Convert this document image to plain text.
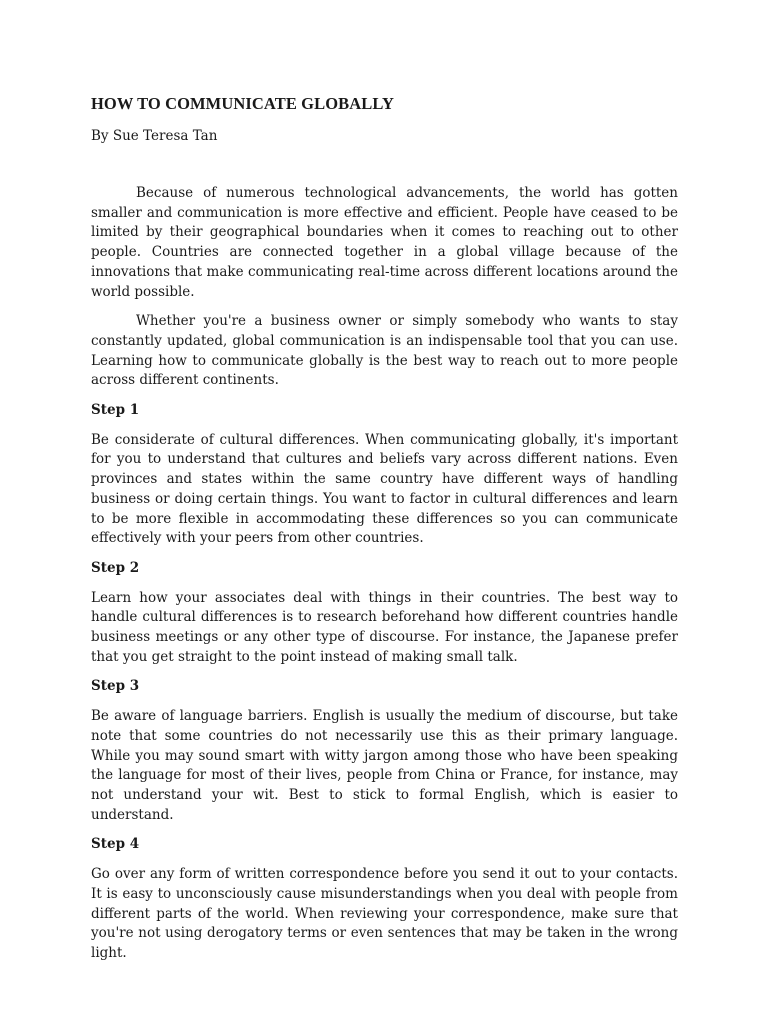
HOW TO COMMUNICATE GLOBALLY

By Sue Teresa Tan

Because of numerous technological advancements, the world has gotten smaller and communication is more effective and efficient. People have ceased to be limited by their geographical boundaries when it comes to reaching out to other people. Countries are connected together in a global village because of the innovations that make communicating real-time across different locations around the world possible.

Whether you're a business owner or simply somebody who wants to stay constantly updated, global communication is an indispensable tool that you can use. Learning how to communicate globally is the best way to reach out to more people across different continents.

Step 1

Be considerate of cultural differences. When communicating globally, it's important for you to understand that cultures and beliefs vary across different nations. Even provinces and states within the same country have different ways of handling business or doing certain things. You want to factor in cultural differences and learn to be more flexible in accommodating these differences so you can communicate effectively with your peers from other countries.

Step 2

Learn how your associates deal with things in their countries. The best way to handle cultural differences is to research beforehand how different countries handle business meetings or any other type of discourse. For instance, the Japanese prefer that you get straight to the point instead of making small talk.

Step 3

Be aware of language barriers. English is usually the medium of discourse, but take note that some countries do not necessarily use this as their primary language. While you may sound smart with witty jargon among those who have been speaking the language for most of their lives, people from China or France, for instance, may not understand your wit. Best to stick to formal English, which is easier to understand.

Step 4

Go over any form of written correspondence before you send it out to your contacts. It is easy to unconsciously cause misunderstandings when you deal with people from different parts of the world. When reviewing your correspondence, make sure that you're not using derogatory terms or even sentences that may be taken in the wrong light.
